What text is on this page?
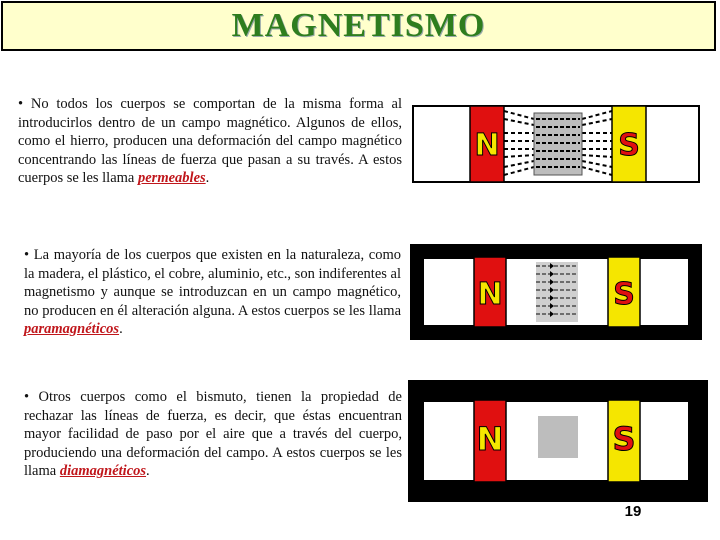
MAGNETISMO
• No todos los cuerpos se comportan de la misma forma al introducirlos dentro de un campo magnético. Algunos de ellos, como el hierro, producen una deformación del campo magnético concentrando las líneas de fuerza que pasan a su través. A estos cuerpos se les llama permeables.
• La mayoría de los cuerpos que existen en la naturaleza, como la madera, el plástico, el cobre, aluminio, etc., son indiferentes al magnetismo y aunque se introduzcan en un campo magnético, no producen en él alteración alguna. A estos cuerpos se les llama paramagnéticos.
• Otros cuerpos como el bismuto, tienen la propiedad de rechazar las líneas de fuerza, es decir, que éstas encuentran mayor facilidad de paso por el aire que a través del cuerpo, produciendo una deformación del campo. A estos cuerpos se les llama diamagnéticos.
N	S
N	S
N	S
19
